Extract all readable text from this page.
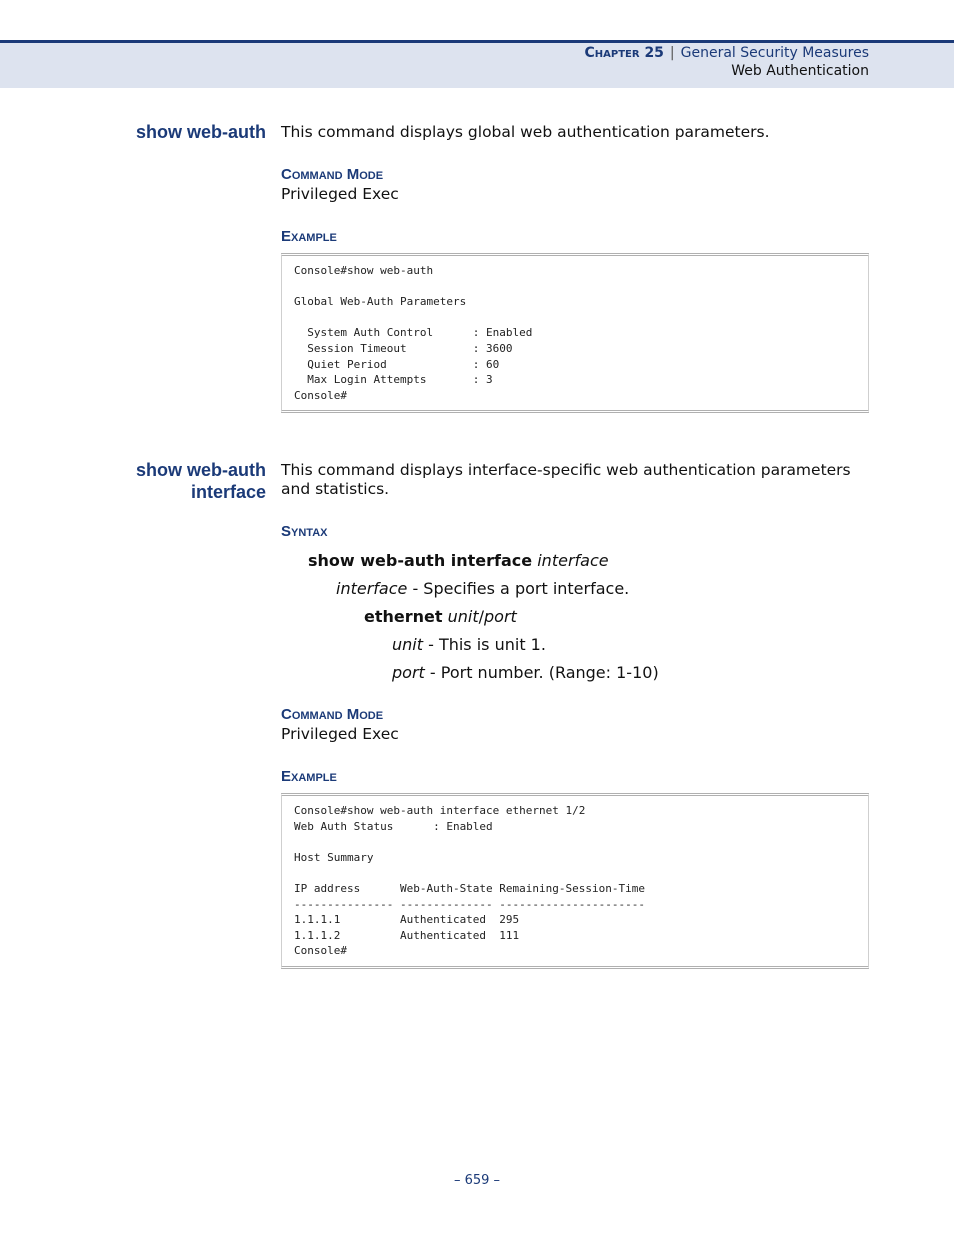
Chapter 25 | General Security Measures
Web Authentication
show web-auth This command displays global web authentication parameters.
Command Mode
Privileged Exec
Example
Console#show web-auth

Global Web-Auth Parameters

System Auth Control      : Enabled
Session Timeout          : 3600
Quiet Period             : 60
Max Login Attempts       : 3
Console#
show web-auth
interface
This command displays interface-specific web authentication parameters
and statistics.
Syntax
show web-auth interface interface
interface - Specifies a port interface.
ethernet unit/port
unit - This is unit 1.
port - Port number. (Range: 1-10)
Command Mode
Privileged Exec
Example
Console#show web-auth interface ethernet 1/2
Web Auth Status      : Enabled

Host Summary

IP address      Web-Auth-State Remaining-Session-Time
--------------- -------------- ----------------------
1.1.1.1         Authenticated  295
1.1.1.2         Authenticated  111
Console#
– 659 –
